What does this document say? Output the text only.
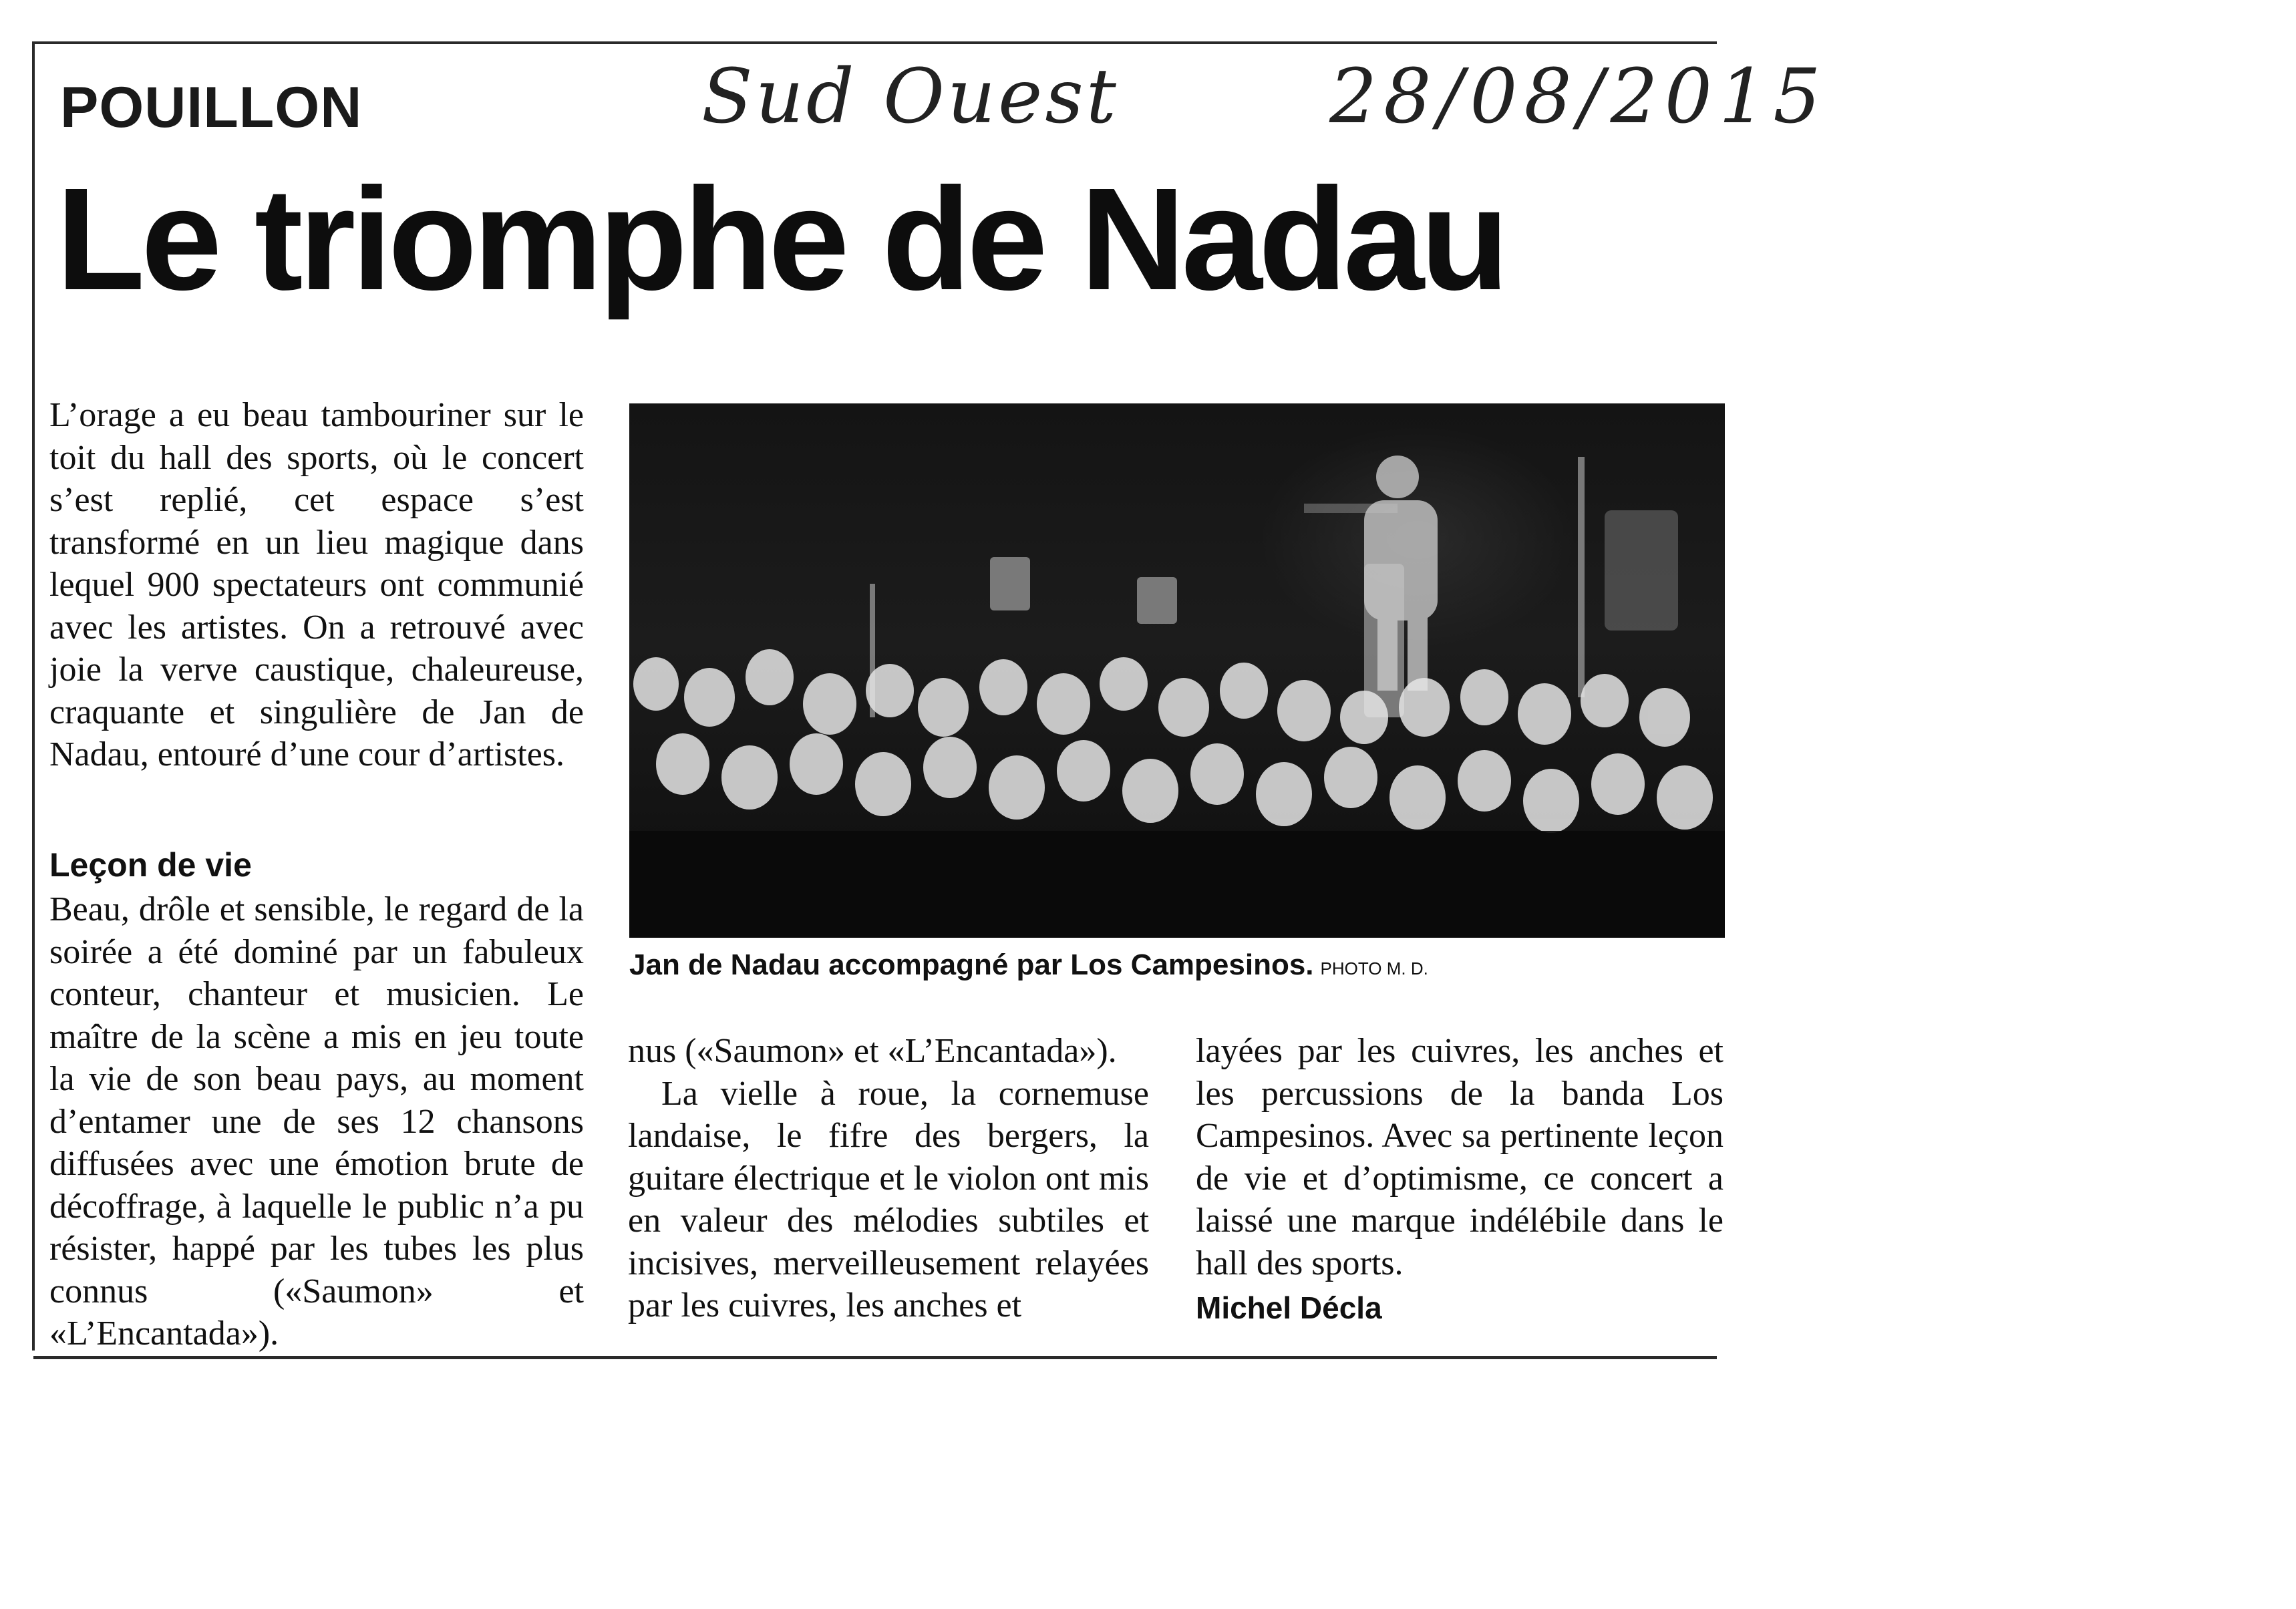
POUILLON	Sud Ouest	28/08/2015
Le triomphe de Nadau

L’orage a eu beau tambouriner sur le toit du hall des sports, où le concert s’est replié, cet espace s’est transformé en un lieu magique dans lequel 900 spectateurs ont communié avec les artistes. On a retrouvé avec joie la verve caustique, chaleureuse, craquante et singulière de Jan de Nadau, entouré d’une cour d’artistes.

Leçon de vie

Beau, drôle et sensible, le regard de la soirée a été dominé par un fabuleux conteur, chanteur et musicien. Le maître de la scène a mis en jeu toute la vie de son beau pays, au moment d’entamer une de ses 12 chansons diffusées avec une émotion brute de décoffrage, à laquelle le public n’a pu résister, happé par les tubes les plus connus («Saumon» et «L’Encantada»).

Jan de Nadau accompagné par Los Campesinos. PHOTO M. D.

nus («Saumon» et «L’Encantada»).

La vielle à roue, la cornemuse landaise, le fifre des bergers, la guitare électrique et le violon ont mis en valeur des mélodies subtiles et incisives, merveilleusement relayées par les cuivres, les anches et

layées par les cuivres, les anches et les percussions de la banda Los Campesinos. Avec sa pertinente leçon de vie et d’optimisme, ce concert a laissé une marque indélébile dans le hall des sports.

Michel Décla
